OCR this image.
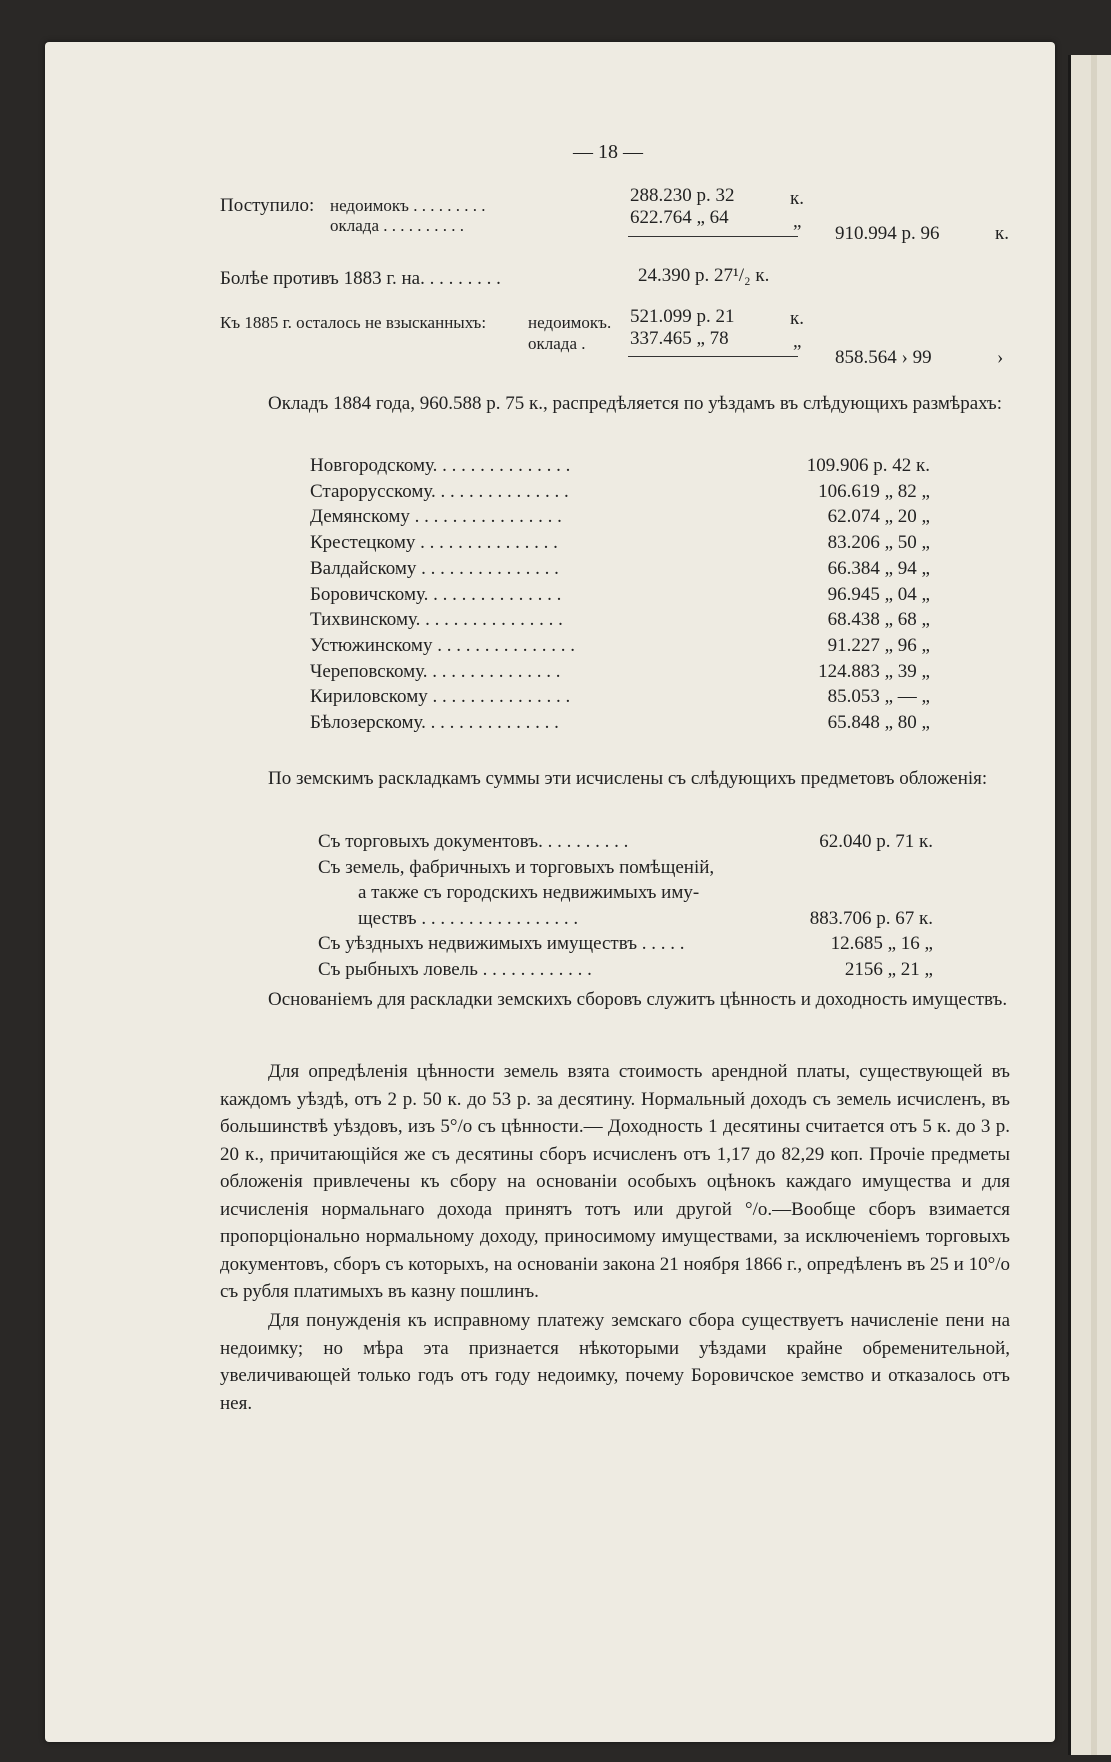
— 18 —
Поступило: недоимокъ . . . . . . . . .	288.230 р. 32	к.
оклада . . . . . . . . . .	622.764 „ 64	„
910.994 р. 96	к.
Болѣе противъ 1883 г. на. . . . . . . . .	24.390 р. 27¹/₂ к.
Къ 1885 г. осталось не взысканныхъ: недоимокъ. 521.099 р. 21	к.
оклада . 337.465 „ 78	„
858.564 › 99	›
Окладъ 1884 года, 960.588 р. 75 к., распредѣляется по уѣздамъ въ слѣдующихъ размѣрахъ:
Новгородскому. . . . . . . . . . . . . . .	109.906 р. 42 к.
Старорусскому. . . . . . . . . . . . . . .	106.619 „ 82 „
Демянскому . . . . . . . . . . . . . . . .	62.074 „ 20 „
Крестецкому . . . . . . . . . . . . . . .	83.206 „ 50 „
Валдайскому . . . . . . . . . . . . . . .	66.384 „ 94 „
Боровичскому. . . . . . . . . . . . . . .	96.945 „ 04 „
Тихвинскому. . . . . . . . . . . . . . . .	68.438 „ 68 „
Устюжинскому . . . . . . . . . . . . . . .	91.227 „ 96 „
Череповскому. . . . . . . . . . . . . . .	124.883 „ 39 „
Кириловскому . . . . . . . . . . . . . . .	85.053 „ — „
Бѣлозерскому. . . . . . . . . . . . . . .	65.848 „ 80 „
По земскимъ раскладкамъ суммы эти исчислены съ слѣдующихъ предметовъ обложенія:
Съ торговыхъ документовъ. . . . . . . . . .	62.040 р. 71 к.
Съ земель, фабричныхъ и торговыхъ помѣщеній,
а также съ городскихъ недвижимыхъ иму-
ществъ . . . . . . . . . . . . . . . . .	883.706 р. 67 к.
Съ уѣздныхъ недвижимыхъ имуществъ . . . . .	12.685 „ 16 „
Съ рыбныхъ ловель . . . . . . . . . . . .	2156 „ 21 „
Основаніемъ для раскладки земскихъ сборовъ служитъ цѣнность и доходность имуществъ.
Для опредѣленія цѣнности земель взята стоимость арендной платы, существующей въ каждомъ уѣздѣ, отъ 2 р. 50 к. до 53 р. за десятину. Нормальный доходъ съ земель исчисленъ, въ большинствѣ уѣздовъ, изъ 5°/о съ цѣнности.— Доходность 1 десятины считается отъ 5 к. до 3 р. 20 к., причитающійся же съ десятины сборъ исчисленъ отъ 1,17 до 82,29 коп. Прочіе предметы обложенія привлечены къ сбору на основаніи особыхъ оцѣнокъ каждаго имущества и для исчисленія нормальнаго дохода принятъ тотъ или другой °/о.—Вообще сборъ взимается пропорціонально нормальному доходу, приносимому имуществами, за исключеніемъ торговыхъ документовъ, сборъ съ которыхъ, на основаніи закона 21 ноября 1866 г., опредѣленъ въ 25 и 10°/о съ рубля платимыхъ въ казну пошлинъ.
Для понужденія къ исправному платежу земскаго сбора существуетъ начисленіе пени на недоимку; но мѣра эта признается нѣкоторыми уѣздами крайне обременительной, увеличивающей только годъ отъ году недоимку, почему Боровичское земство и отказалось отъ нея.
